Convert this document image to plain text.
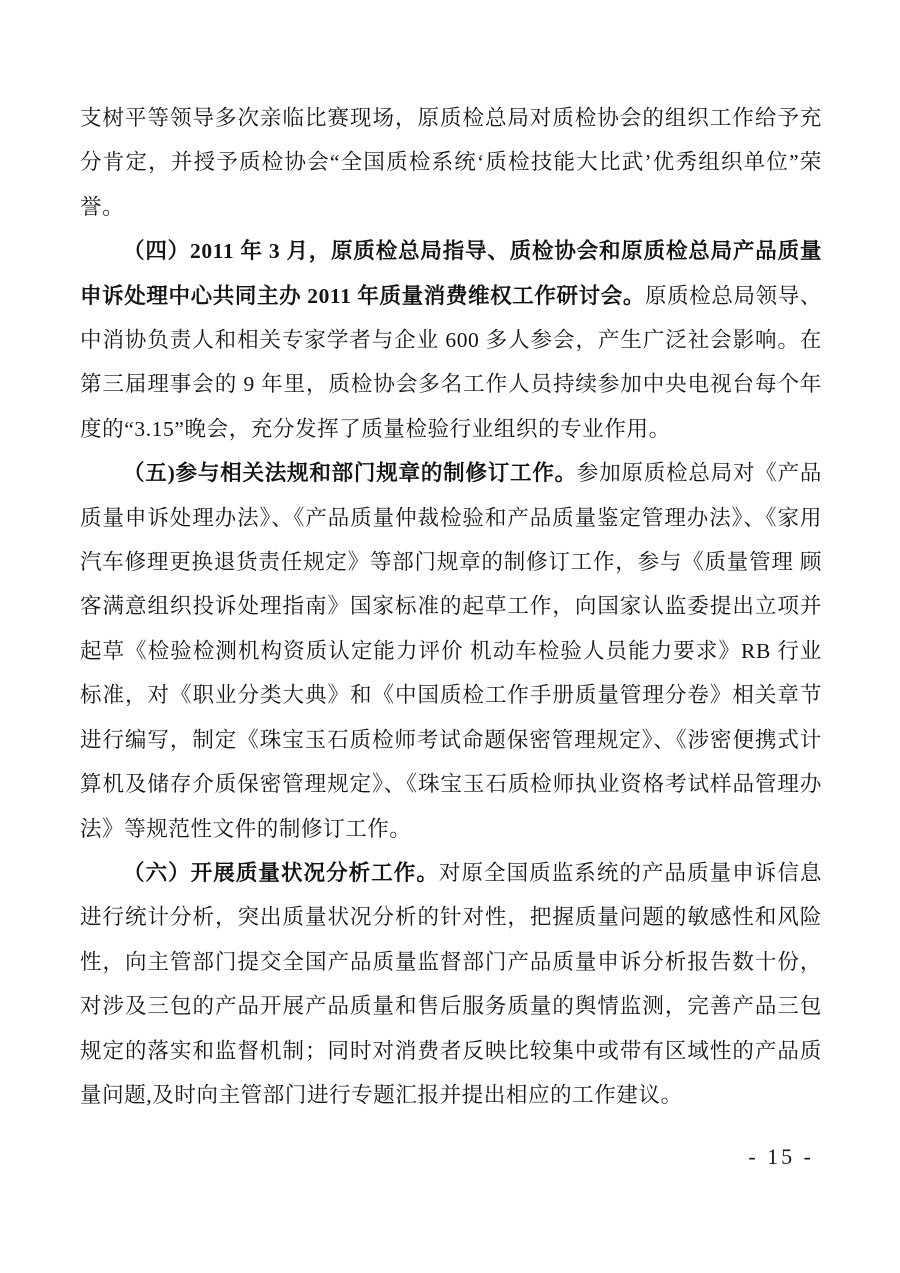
支树平等领导多次亲临比赛现场，原质检总局对质检协会的组织工作给予充分肯定，并授予质检协会“全国质检系统‘质检技能大比武’优秀组织单位”荣誉。

（四）2011 年 3 月，原质检总局指导、质检协会和原质检总局产品质量申诉处理中心共同主办 2011 年质量消费维权工作研讨会。原质检总局领导、中消协负责人和相关专家学者与企业 600 多人参会，产生广泛社会影响。在第三届理事会的 9 年里，质检协会多名工作人员持续参加中央电视台每个年度的“3.15”晚会，充分发挥了质量检验行业组织的专业作用。

（五)参与相关法规和部门规章的制修订工作。参加原质检总局对《产品质量申诉处理办法》、《产品质量仲裁检验和产品质量鉴定管理办法》、《家用汽车修理更换退货责任规定》等部门规章的制修订工作，参与《质量管理 顾客满意组织投诉处理指南》国家标准的起草工作，向国家认监委提出立项并起草《检验检测机构资质认定能力评价 机动车检验人员能力要求》RB 行业标准，对《职业分类大典》和《中国质检工作手册质量管理分卷》相关章节进行编写，制定《珠宝玉石质检师考试命题保密管理规定》、《涉密便携式计算机及储存介质保密管理规定》、《珠宝玉石质检师执业资格考试样品管理办法》等规范性文件的制修订工作。

（六）开展质量状况分析工作。对原全国质监系统的产品质量申诉信息进行统计分析，突出质量状况分析的针对性，把握质量问题的敏感性和风险性，向主管部门提交全国产品质量监督部门产品质量申诉分析报告数十份，对涉及三包的产品开展产品质量和售后服务质量的舆情监测，完善产品三包规定的落实和监督机制；同时对消费者反映比较集中或带有区域性的产品质量问题,及时向主管部门进行专题汇报并提出相应的工作建议。

- 15 -
